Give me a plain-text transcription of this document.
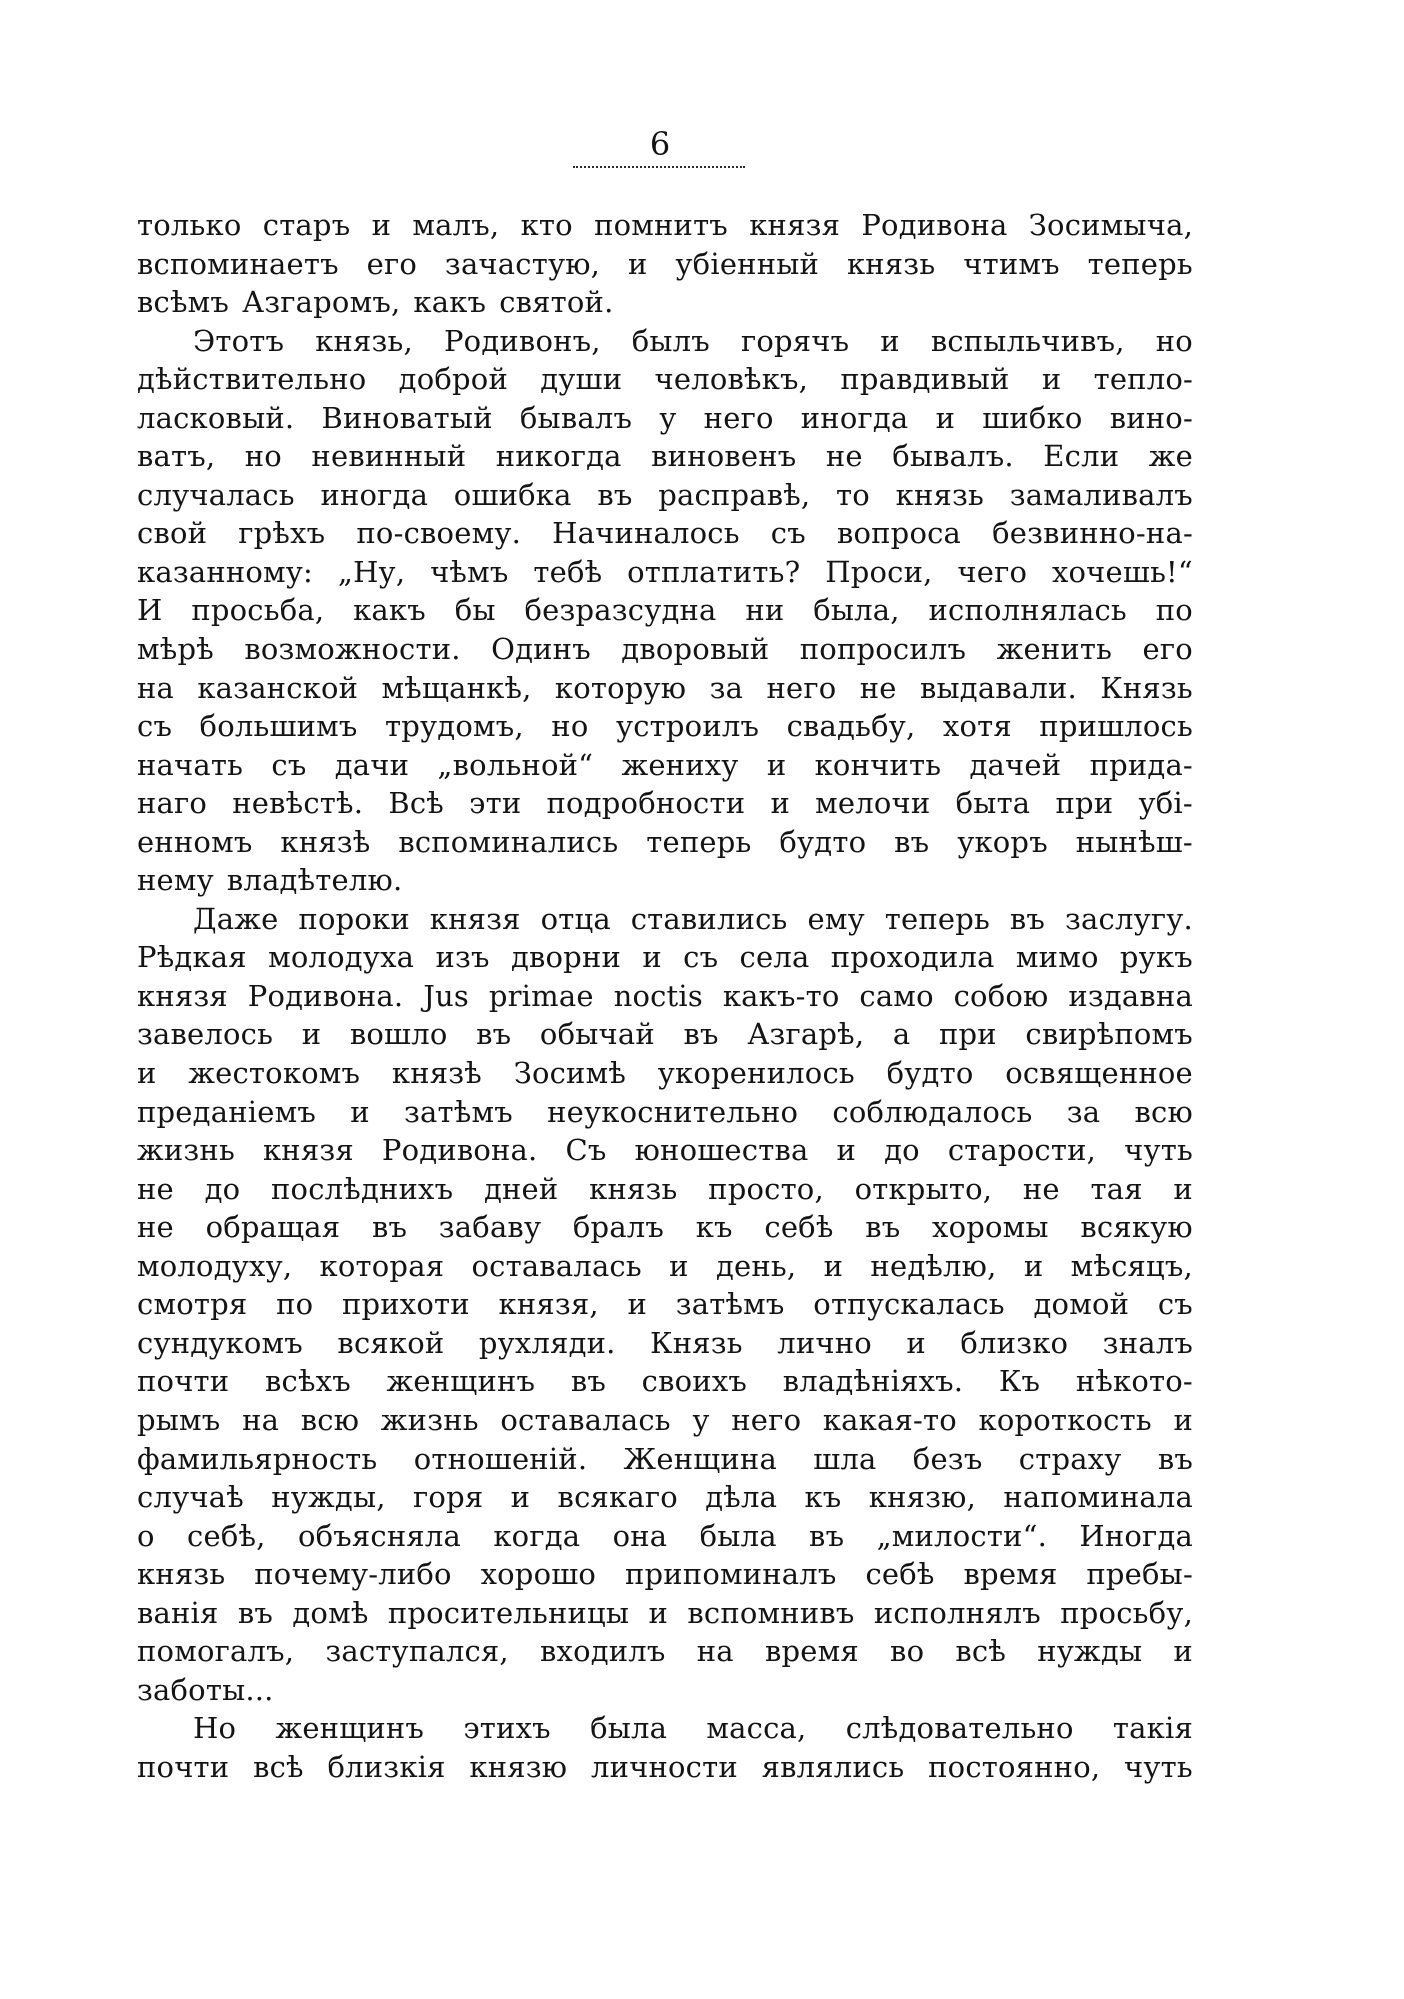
6
только старъ и малъ, кто помнитъ князя Родивона Зосимыча,
вспоминаетъ его зачастую, и убіенный князь чтимъ теперь
всѣмъ Азгаромъ, какъ святой.
Этотъ князь, Родивонъ, былъ горячъ и вспыльчивъ, но
дѣйствительно доброй души человѣкъ, правдивый и тепло-
ласковый. Виноватый бывалъ у него иногда и шибко вино-
ватъ, но невинный никогда виновенъ не бывалъ. Если же
случалась иногда ошибка въ расправѣ, то князь замаливалъ
свой грѣхъ по-своему. Начиналось съ вопроса безвинно-на-
казанному: „Ну, чѣмъ тебѣ отплатить? Проси, чего хочешь!“
И просьба, какъ бы безразсудна ни была, исполнялась по
мѣрѣ возможности. Одинъ дворовый попросилъ женить его
на казанской мѣщанкѣ, которую за него не выдавали. Князь
съ большимъ трудомъ, но устроилъ свадьбу, хотя пришлось
начать съ дачи „вольной“ жениху и кончить дачей прида-
наго невѣстѣ. Всѣ эти подробности и мелочи быта при убі-
енномъ князѣ вспоминались теперь будто въ укоръ нынѣш-
нему владѣтелю.
Даже пороки князя отца ставились ему теперь въ заслугу.
Рѣдкая молодуха изъ дворни и съ села проходила мимо рукъ
князя Родивона. Jus primae noctis какъ-то само собою издавна
завелось и вошло въ обычай въ Азгарѣ, а при свирѣпомъ
и жестокомъ князѣ Зосимѣ укоренилось будто освященное
преданіемъ и затѣмъ неукоснительно соблюдалось за всю
жизнь князя Родивона. Съ юношества и до старости, чуть
не до послѣднихъ дней князь просто, открыто, не тая и
не обращая въ забаву бралъ къ себѣ въ хоромы всякую
молодуху, которая оставалась и день, и недѣлю, и мѣсяцъ,
смотря по прихоти князя, и затѣмъ отпускалась домой съ
сундукомъ всякой рухляди. Князь лично и близко зналъ
почти всѣхъ женщинъ въ своихъ владѣніяхъ. Къ нѣкото-
рымъ на всю жизнь оставалась у него какая-то короткость и
фамильярность отношеній. Женщина шла безъ страху въ
случаѣ нужды, горя и всякаго дѣла къ князю, напоминала
о себѣ, объясняла когда она была въ „милости“. Иногда
князь почему-либо хорошо припоминалъ себѣ время пребы-
ванія въ домѣ просительницы и вспомнивъ исполнялъ просьбу,
помогалъ, заступался, входилъ на время во всѣ нужды и
заботы...
Но женщинъ этихъ была масса, слѣдовательно такія
почти всѣ близкія князю личности являлись постоянно, чуть
